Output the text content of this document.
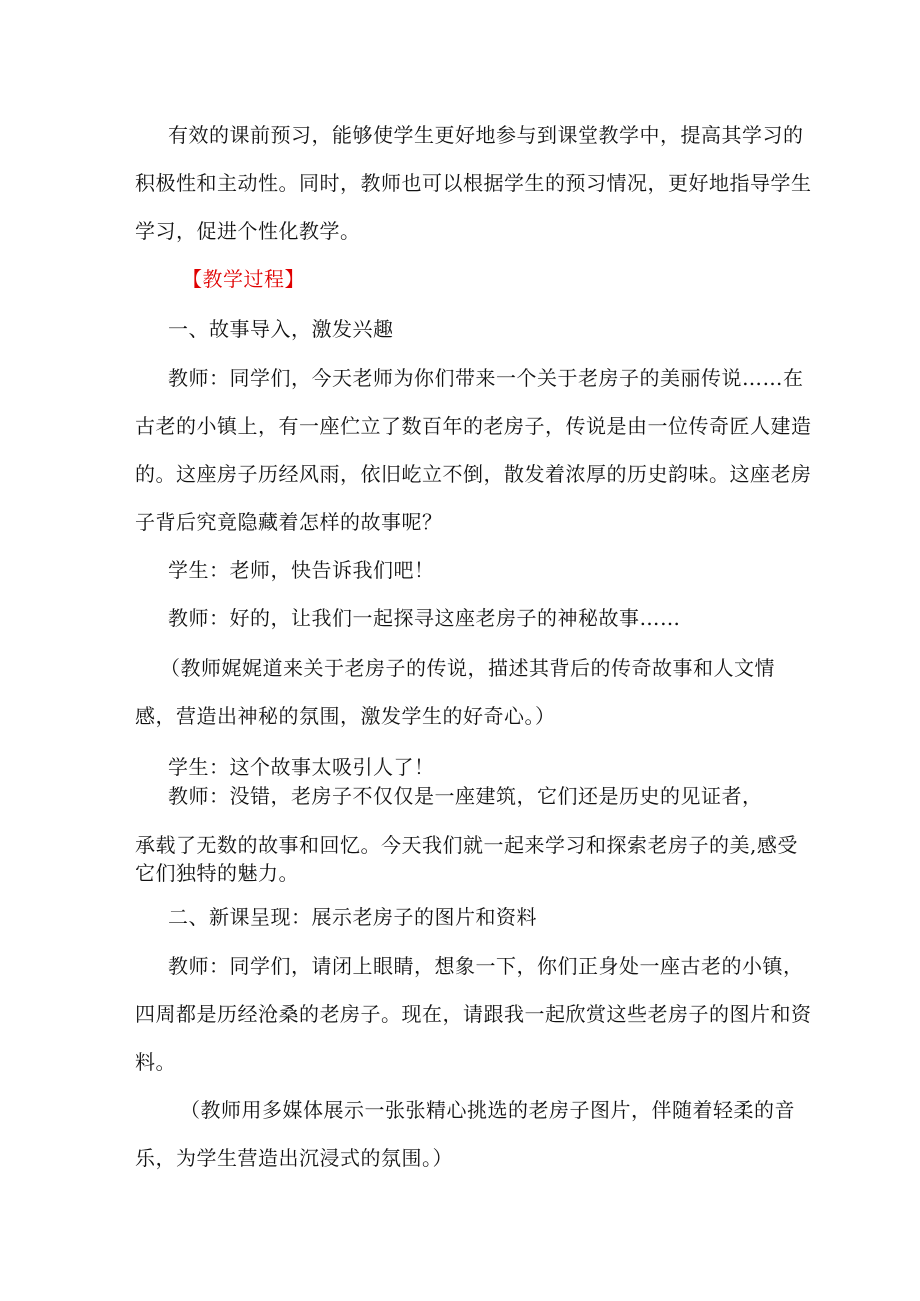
有效的课前预习，能够使学生更好地参与到课堂教学中，提高其学习的
积极性和主动性。同时，教师也可以根据学生的预习情况，更好地指导学生
学习，促进个性化教学。
【教学过程】
一、故事导入，激发兴趣
教师：同学们，今天老师为你们带来一个关于老房子的美丽传说……在
古老的小镇上，有一座伫立了数百年的老房子，传说是由一位传奇匠人建造
的。这座房子历经风雨，依旧屹立不倒，散发着浓厚的历史韵味。这座老房
子背后究竟隐藏着怎样的故事呢？
学生：老师，快告诉我们吧！
教师：好的，让我们一起探寻这座老房子的神秘故事……
（教师娓娓道来关于老房子的传说，描述其背后的传奇故事和人文情
感，营造出神秘的氛围，激发学生的好奇心。）
学生：这个故事太吸引人了！
教师：没错，老房子不仅仅是一座建筑，它们还是历史的见证者，
承载了无数的故事和回忆。今天我们就一起来学习和探索老房子的美,感受
它们独特的魅力。
二、新课呈现：展示老房子的图片和资料
教师：同学们，请闭上眼睛，想象一下，你们正身处一座古老的小镇，
四周都是历经沧桑的老房子。现在，请跟我一起欣赏这些老房子的图片和资
料。
（教师用多媒体展示一张张精心挑选的老房子图片，伴随着轻柔的音
乐，为学生营造出沉浸式的氛围。）
